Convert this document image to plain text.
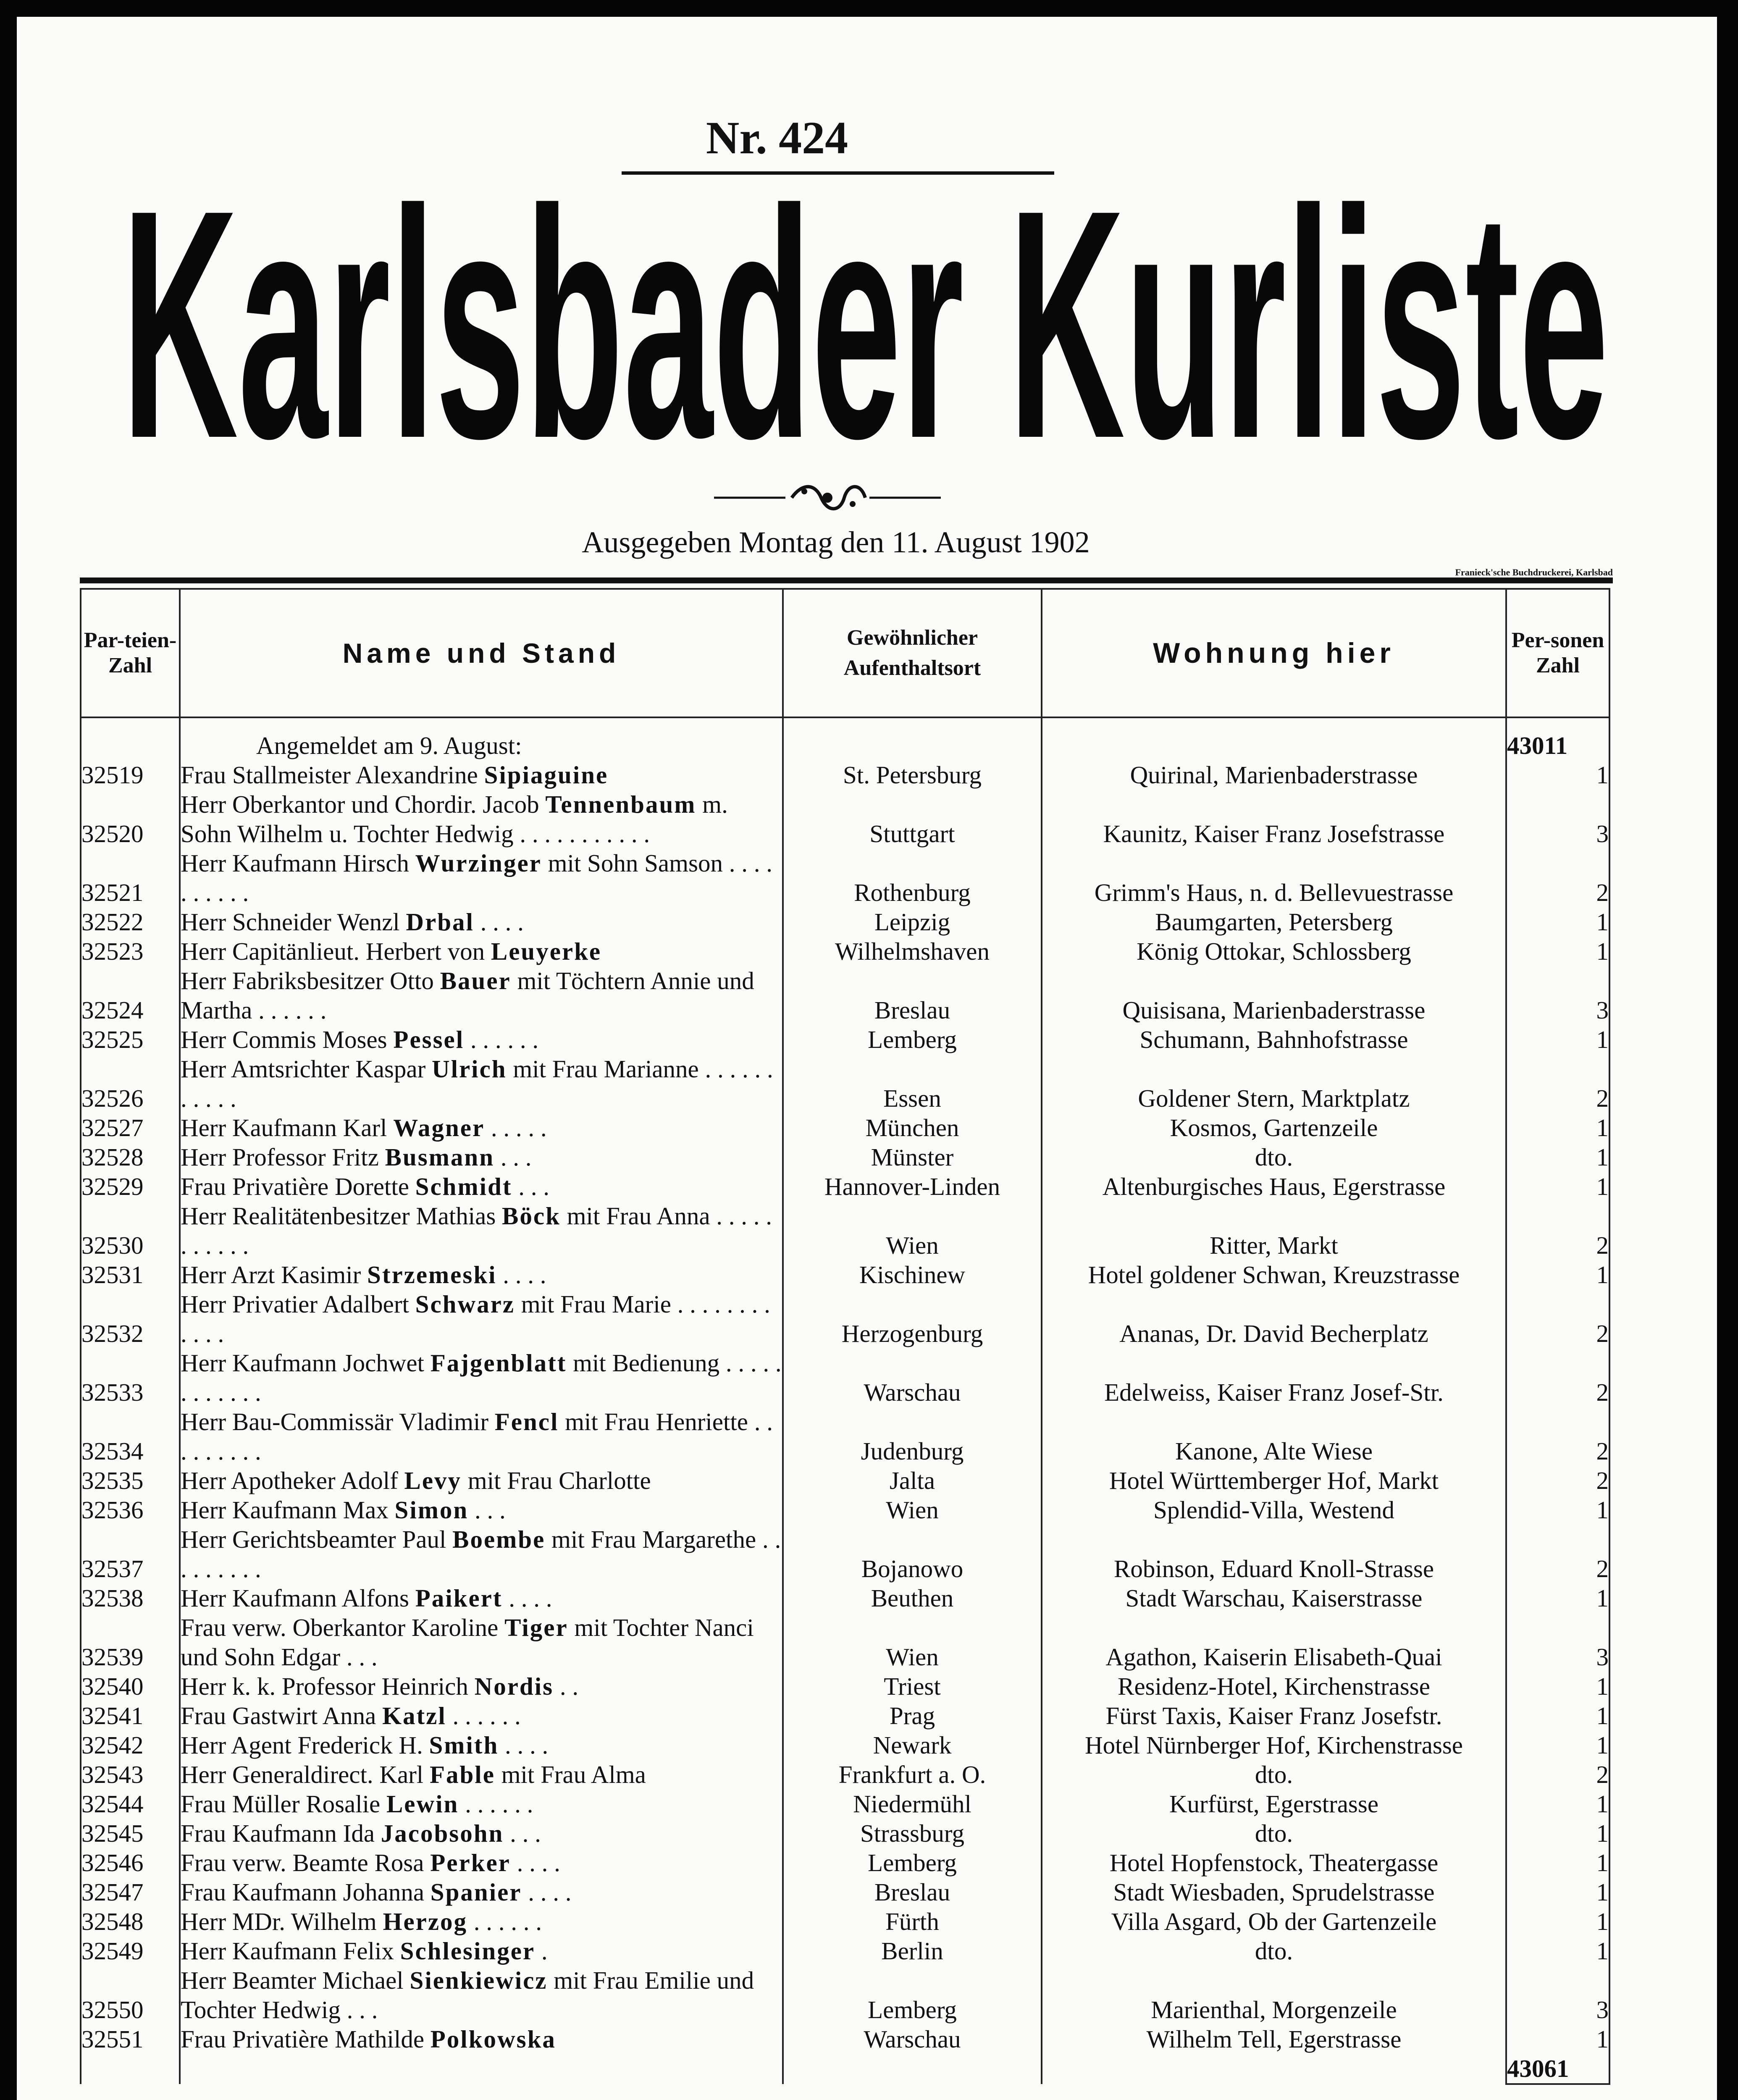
Nr. 424
Karlsbader Kurliste
Ausgegeben Montag den 11. August 1902
Franieck'sche Buchdruckerei, Karlsbad
Par-teien-Zahl	Name und Stand	Gewöhnlicher Aufenthaltsort	Wohnung hier	Per-sonen Zahl
	Angemeldet am 9. August:			43011
32519	Frau Stallmeister Alexandrine Sipiaguine	St. Petersburg	Quirinal, Marienbaderstrasse	1
32520	Herr Oberkantor und Chordir. Jacob Tennenbaum m. Sohn Wilhelm u. Tochter Hedwig . . . . . . . . . . .	Stuttgart	Kaunitz, Kaiser Franz Josefstrasse	3
32521	Herr Kaufmann Hirsch Wurzinger mit Sohn Samson . . . . . . . . . .	Rothenburg	Grimm's Haus, n. d. Bellevuestrasse	2
32522	Herr Schneider Wenzl Drbal . . . .	Leipzig	Baumgarten, Petersberg	1
32523	Herr Capitänlieut. Herbert von Leuyerke	Wilhelmshaven	König Ottokar, Schlossberg	1
32524	Herr Fabriksbesitzer Otto Bauer mit Töchtern Annie und Martha . . . . . .	Breslau	Quisisana, Marienbaderstrasse	3
32525	Herr Commis Moses Pessel . . . . . .	Lemberg	Schumann, Bahnhofstrasse	1
32526	Herr Amtsrichter Kaspar Ulrich mit Frau Marianne . . . . . . . . . . .	Essen	Goldener Stern, Marktplatz	2
32527	Herr Kaufmann Karl Wagner . . . . .	München	Kosmos, Gartenzeile	1
32528	Herr Professor Fritz Busmann . . .	Münster	dto.	1
32529	Frau Privatière Dorette Schmidt . . .	Hannover-Linden	Altenburgisches Haus, Egerstrasse	1
32530	Herr Realitätenbesitzer Mathias Böck mit Frau Anna . . . . . . . . . . .	Wien	Ritter, Markt	2
32531	Herr Arzt Kasimir Strzemeski . . . .	Kischinew	Hotel goldener Schwan, Kreuzstrasse	1
32532	Herr Privatier Adalbert Schwarz mit Frau Marie . . . . . . . . . . . .	Herzogenburg	Ananas, Dr. David Becherplatz	2
32533	Herr Kaufmann Jochwet Fajgenblatt mit Bedienung . . . . . . . . . . . .	Warschau	Edelweiss, Kaiser Franz Josef-Str.	2
32534	Herr Bau-Commissär Vladimir Fencl mit Frau Henriette . . . . . . . . .	Judenburg	Kanone, Alte Wiese	2
32535	Herr Apotheker Adolf Levy mit Frau Charlotte	Jalta	Hotel Württemberger Hof, Markt	2
32536	Herr Kaufmann Max Simon . . .	Wien	Splendid-Villa, Westend	1
32537	Herr Gerichtsbeamter Paul Boembe mit Frau Margarethe . . . . . . . . .	Bojanowo	Robinson, Eduard Knoll-Strasse	2
32538	Herr Kaufmann Alfons Paikert . . . .	Beuthen	Stadt Warschau, Kaiserstrasse	1
32539	Frau verw. Oberkantor Karoline Tiger mit Tochter Nanci und Sohn Edgar . . .	Wien	Agathon, Kaiserin Elisabeth-Quai	3
32540	Herr k. k. Professor Heinrich Nordis . .	Triest	Residenz-Hotel, Kirchenstrasse	1
32541	Frau Gastwirt Anna Katzl . . . . . .	Prag	Fürst Taxis, Kaiser Franz Josefstr.	1
32542	Herr Agent Frederick H. Smith . . . .	Newark	Hotel Nürnberger Hof, Kirchenstrasse	1
32543	Herr Generaldirect. Karl Fable mit Frau Alma	Frankfurt a. O.	dto.	2
32544	Frau Müller Rosalie Lewin . . . . . .	Niedermühl	Kurfürst, Egerstrasse	1
32545	Frau Kaufmann Ida Jacobsohn . . .	Strassburg	dto.	1
32546	Frau verw. Beamte Rosa Perker . . . .	Lemberg	Hotel Hopfenstock, Theatergasse	1
32547	Frau Kaufmann Johanna Spanier . . . .	Breslau	Stadt Wiesbaden, Sprudelstrasse	1
32548	Herr MDr. Wilhelm Herzog . . . . . .	Fürth	Villa Asgard, Ob der Gartenzeile	1
32549	Herr Kaufmann Felix Schlesinger .	Berlin	dto.	1
32550	Herr Beamter Michael Sienkiewicz mit Frau Emilie und Tochter Hedwig . . .	Lemberg	Marienthal, Morgenzeile	3
32551	Frau Privatière Mathilde Polkowska	Warschau	Wilhelm Tell, Egerstrasse	1
				43061
